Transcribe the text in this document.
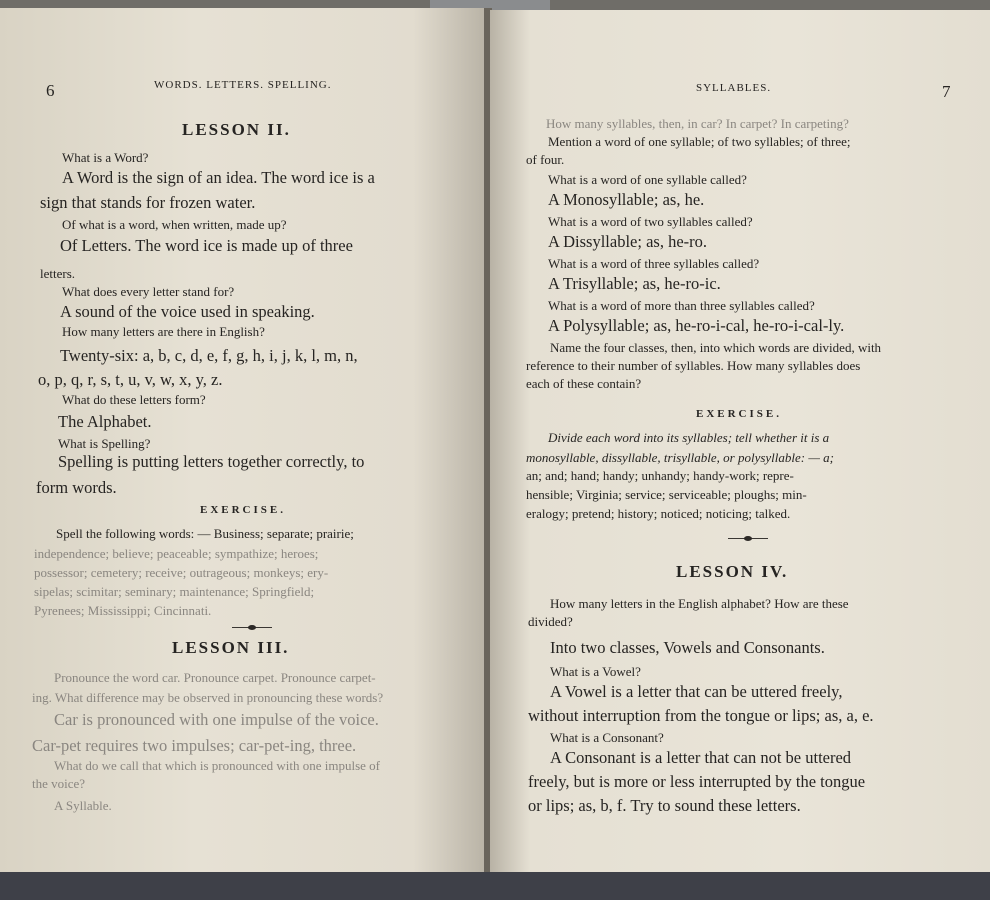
6	WORDS. LETTERS. SPELLING.
LESSON II.
What is a Word?
A Word is the sign of an idea. The word ice is a
sign that stands for frozen water.
Of what is a word, when written, made up?
Of Letters. The word ice is made up of three
letters.
What does every letter stand for?
A sound of the voice used in speaking.
How many letters are there in English?
Twenty-six: a, b, c, d, e, f, g, h, i, j, k, l, m, n,
o, p, q, r, s, t, u, v, w, x, y, z.
What do these letters form?
The Alphabet.
What is Spelling?
Spelling is putting letters together correctly, to
form words.
EXERCISE.
Spell the following words: — Business; separate; prairie;
independence; believe; peaceable; sympathize; heroes;
possessor; cemetery; receive; outrageous; monkeys; ery-
sipelas; scimitar; seminary; maintenance; Springfield;
Pyrenees; Mississippi; Cincinnati.
LESSON III.
Pronounce the word car. Pronounce carpet. Pronounce carpet-
ing. What difference may be observed in pronouncing these words?
Car is pronounced with one impulse of the voice.
Car-pet requires two impulses; car-pet-ing, three.
What do we call that which is pronounced with one impulse of
the voice?
A Syllable.
SYLLABLES.	7
How many syllables, then, in car? In carpet? In carpeting?
Mention a word of one syllable; of two syllables; of three;
of four.
What is a word of one syllable called?
A Monosyllable; as, he.
What is a word of two syllables called?
A Dissyllable; as, he-ro.
What is a word of three syllables called?
A Trisyllable; as, he-ro-ic.
What is a word of more than three syllables called?
A Polysyllable; as, he-ro-i-cal, he-ro-i-cal-ly.
Name the four classes, then, into which words are divided, with
reference to their number of syllables. How many syllables does
each of these contain?
EXERCISE.
Divide each word into its syllables; tell whether it is a
monosyllable, dissyllable, trisyllable, or polysyllable: — a;
an; and; hand; handy; unhandy; handy-work; repre-
hensible; Virginia; service; serviceable; ploughs; min-
eralogy; pretend; history; noticed; noticing; talked.
LESSON IV.
How many letters in the English alphabet? How are these
divided?
Into two classes, Vowels and Consonants.
What is a Vowel?
A Vowel is a letter that can be uttered freely,
without interruption from the tongue or lips; as, a, e.
What is a Consonant?
A Consonant is a letter that can not be uttered
freely, but is more or less interrupted by the tongue
or lips; as, b, f. Try to sound these letters.
